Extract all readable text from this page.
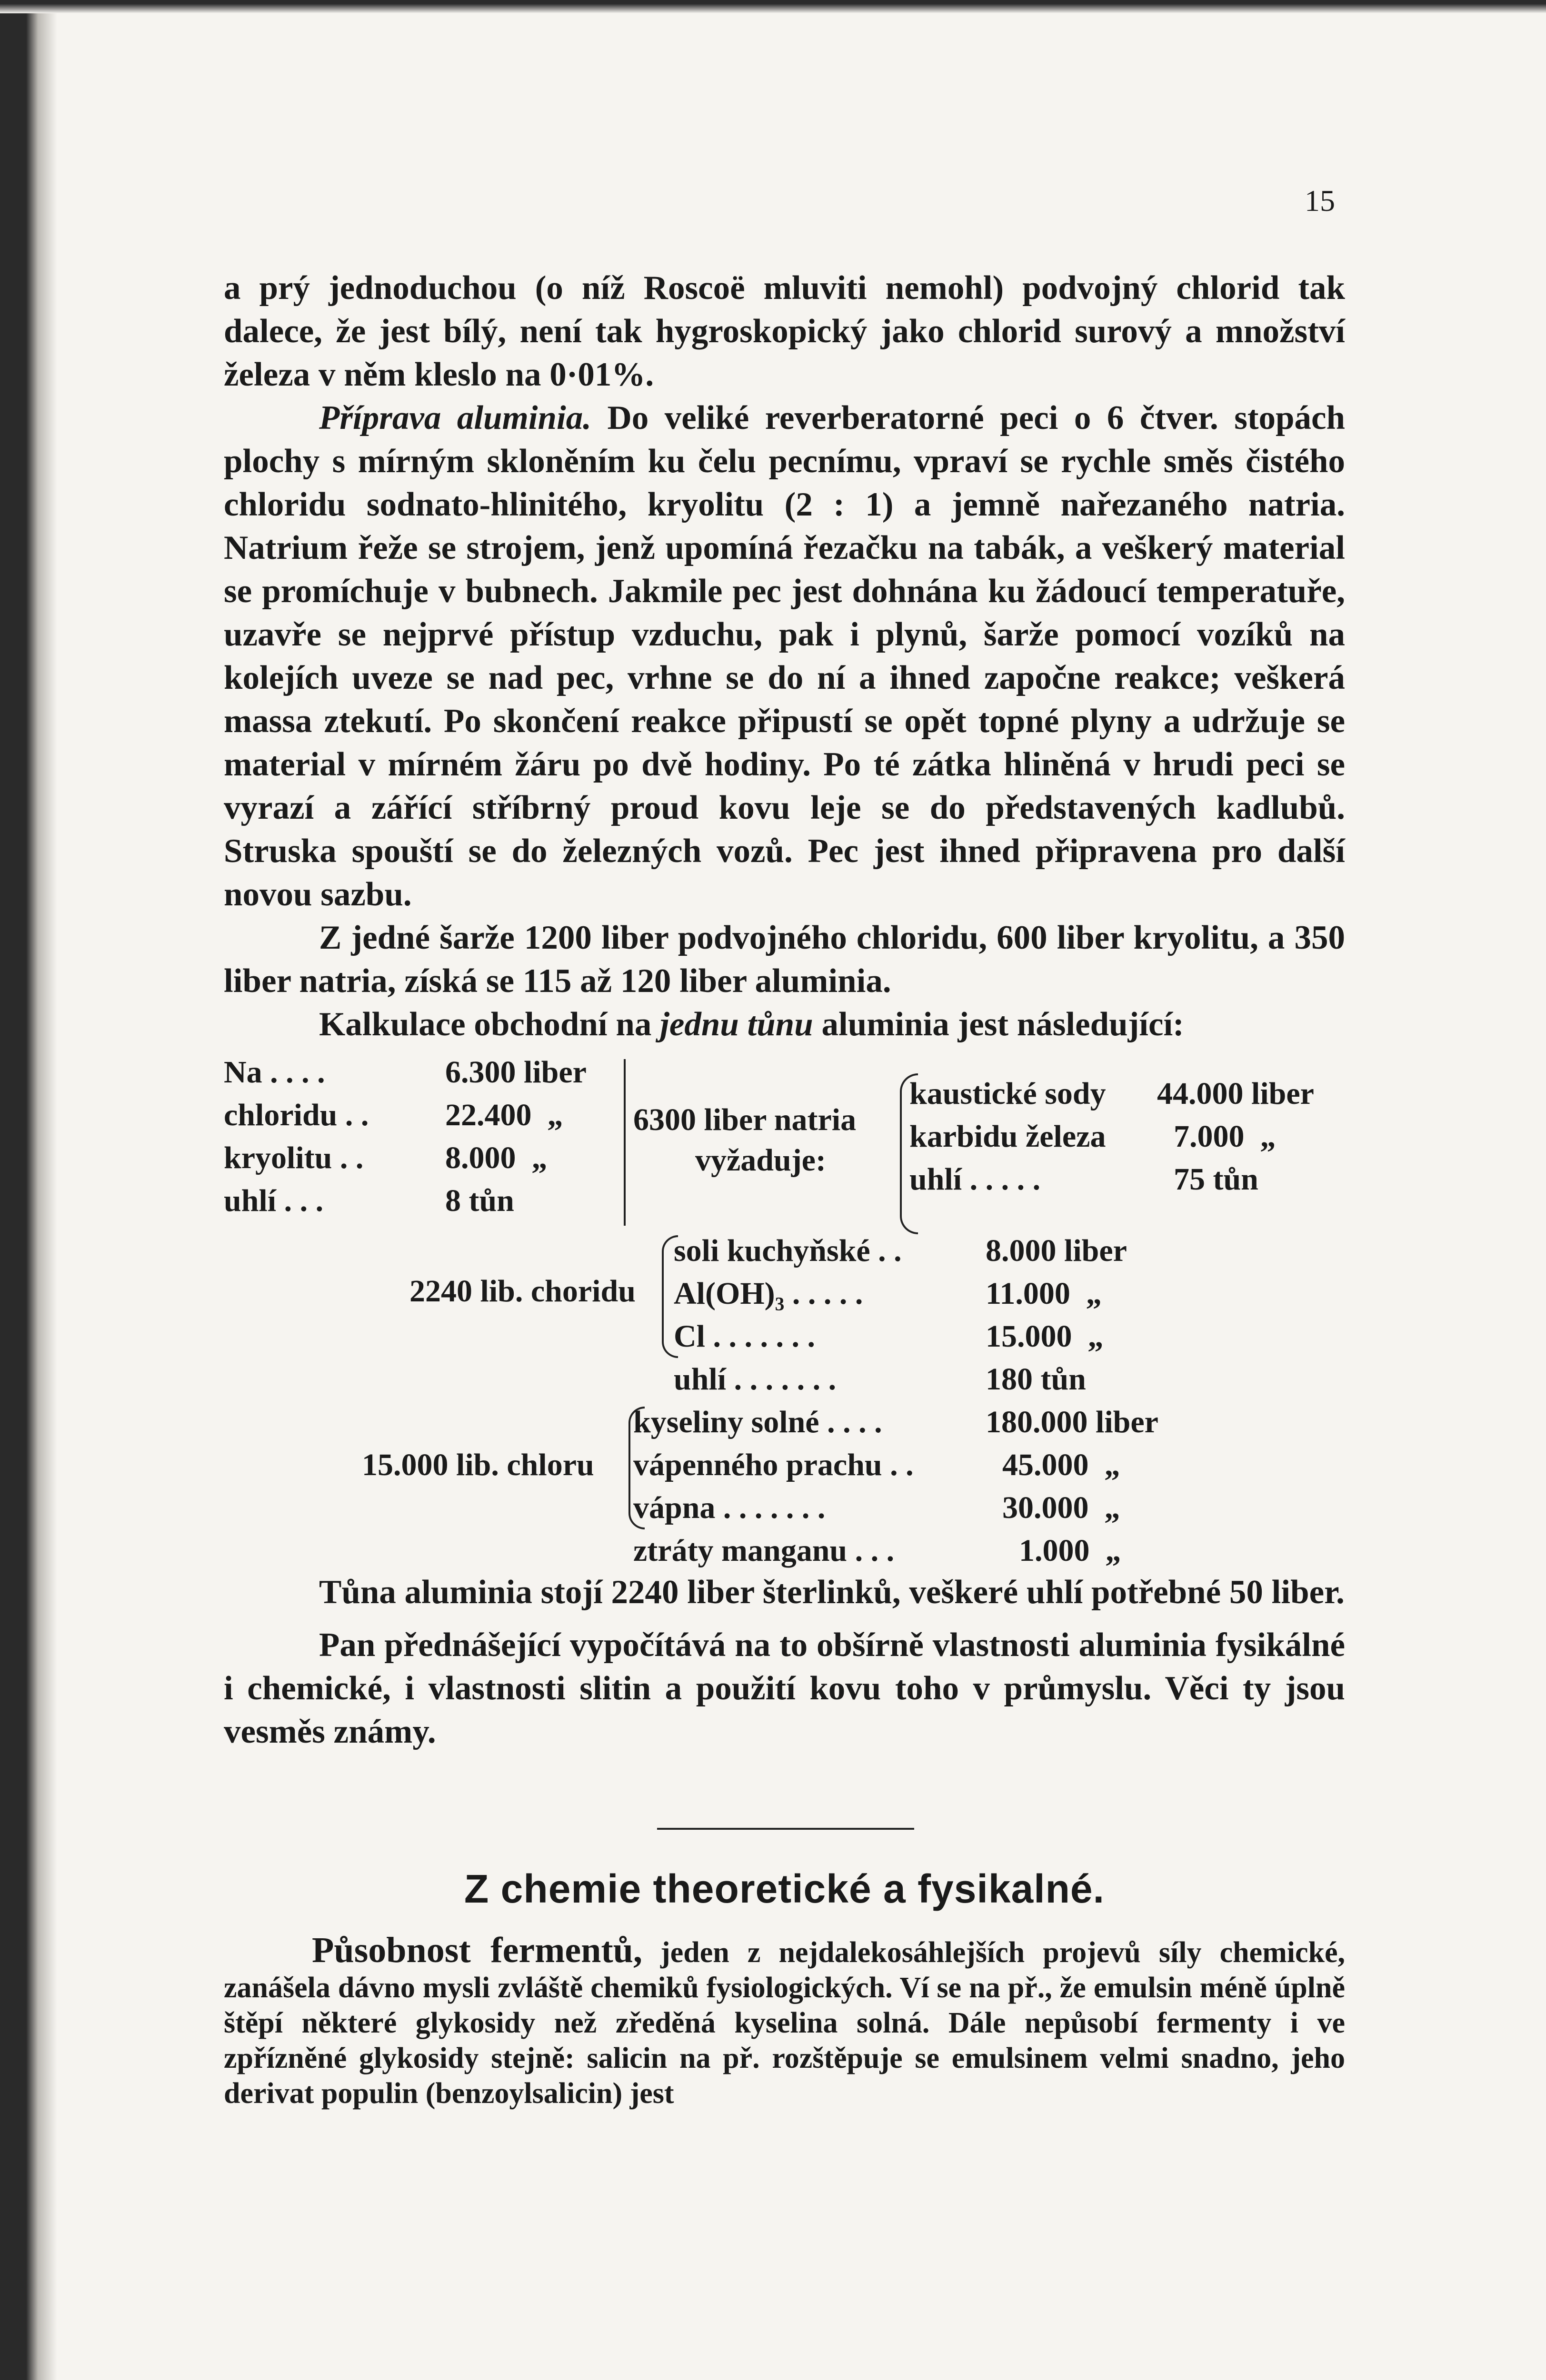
15

a prý jednoduchou (o níž Roscoë mluviti nemohl) podvojný chlorid tak dalece, že jest bílý, není tak hygroskopický jako chlorid surový a množství železa v něm kleslo na 0·01%.

Příprava aluminia. Do veliké reverberatorné peci o 6 čtver. stopách plochy s mírným skloněním ku čelu pecnímu, vpraví se rychle směs čistého chloridu sodnato-hlinitého, kryolitu (2 : 1) a jemně nařezaného natria. Natrium řeže se strojem, jenž upomíná řezačku na tabák, a veškerý material se promíchuje v bubnech. Jakmile pec jest dohnána ku žádoucí temperatuře, uzavře se nejprvé přístup vzduchu, pak i plynů, šarže pomocí vozíků na kolejích uveze se nad pec, vrhne se do ní a ihned započne reakce; veškerá massa ztekutí. Po skončení reakce připustí se opět topné plyny a udržuje se material v mírném žáru po dvě hodiny. Po té zátka hliněná v hrudi peci se vyrazí a zářící stříbrný proud kovu leje se do představených kadlubů. Struska spouští se do železných vozů. Pec jest ihned připravena pro další novou sazbu.

Z jedné šarže 1200 liber podvojného chloridu, 600 liber kryolitu, a 350 liber natria, získá se 115 až 120 liber aluminia.

Kalkulace obchodní na jednu tůnu aluminia jest následující:

Na . . . .	6.300 liber
chloridu . . 22.400  „
kryolitu . .	8.000  „
uhlí . . .	8 tůn
6300 liber natria
vyžaduje:
kaustické sody 44.000 liber
karbidu železa 7.000  „
uhlí . . . . .	75 tůn
2240 lib. choridu
soli kuchyňské . .	8.000 liber
Al(OH)₃ . . . . .	11.000  „
Cl . . . . . . .	15.000  „
uhlí . . . . . . .	180 tůn
15.000 lib. chloru
kyseliny solné . . . .	180.000 liber
vápenného prachu . .	45.000  „
vápna . . . . . . .	30.000  „
ztráty manganu . . .	1.000  „

Tůna aluminia stojí 2240 liber šterlinků, veškeré uhlí potřebné 50 liber.

Pan přednášející vypočítává na to obšírně vlastnosti aluminia fysikálné i chemické, i vlastnosti slitin a použití kovu toho v průmyslu. Věci ty jsou vesměs známy.

Z chemie theoretické a fysikalné.
Působnost fermentů, jeden z nejdalekosáhlejších projevů síly chemické, zanášela dávno mysli zvláště chemiků fysiologických. Ví se na př., že emulsin méně úplně štěpí některé glykosidy než zředěná kyselina solná. Dále nepůsobí fermenty i ve zpřízněné glykosidy stejně: salicin na př. rozštěpuje se emulsinem velmi snadno, jeho derivat populin (benzoylsalicin) jest
